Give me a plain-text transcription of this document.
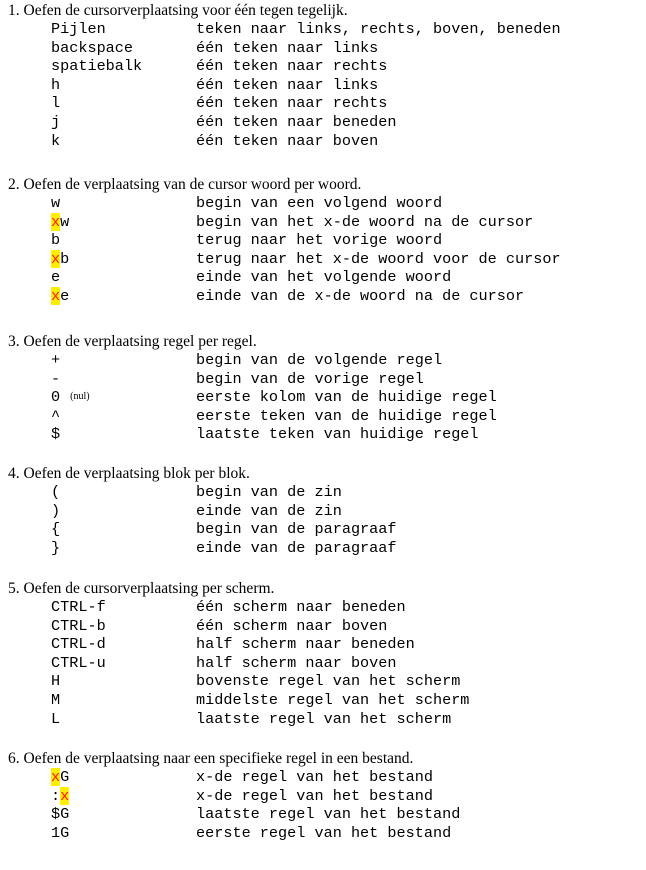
1. Oefen de cursorverplaatsing voor één tegen tegelijk.

Pijlen	teken naar links, rechts, boven, beneden
backspace	één teken naar links
spatiebalk	één teken naar rechts
h	één teken naar links
l	één teken naar rechts
j	één teken naar beneden
k	één teken naar boven

2. Oefen de verplaatsing van de cursor woord per woord.

w	begin van een volgend woord
xw	begin van het x-de woord na de cursor
b	terug naar het vorige woord
xb	terug naar het x-de woord voor de cursor
e	einde van het volgende woord
xe	einde van de x-de woord na de cursor

3. Oefen de verplaatsing regel per regel.

+	begin van de volgende regel
-	begin van de vorige regel
0 (nul)	eerste kolom van de huidige regel
^	eerste teken van de huidige regel
$	laatste teken van huidige regel

4. Oefen de verplaatsing blok per blok.

(	begin van de zin
)	einde van de zin
{	begin van de paragraaf
}	einde van de paragraaf

5. Oefen de cursorverplaatsing per scherm.

CTRL-f	één scherm naar beneden
CTRL-b	één scherm naar boven
CTRL-d	half scherm naar beneden
CTRL-u	half scherm naar boven
H	bovenste regel van het scherm
M	middelste regel van het scherm
L	laatste regel van het scherm

6. Oefen de verplaatsing naar een specifieke regel in een bestand.

xG	x-de regel van het bestand
:x	x-de regel van het bestand
$G	laatste regel van het bestand
1G	eerste regel van het bestand
